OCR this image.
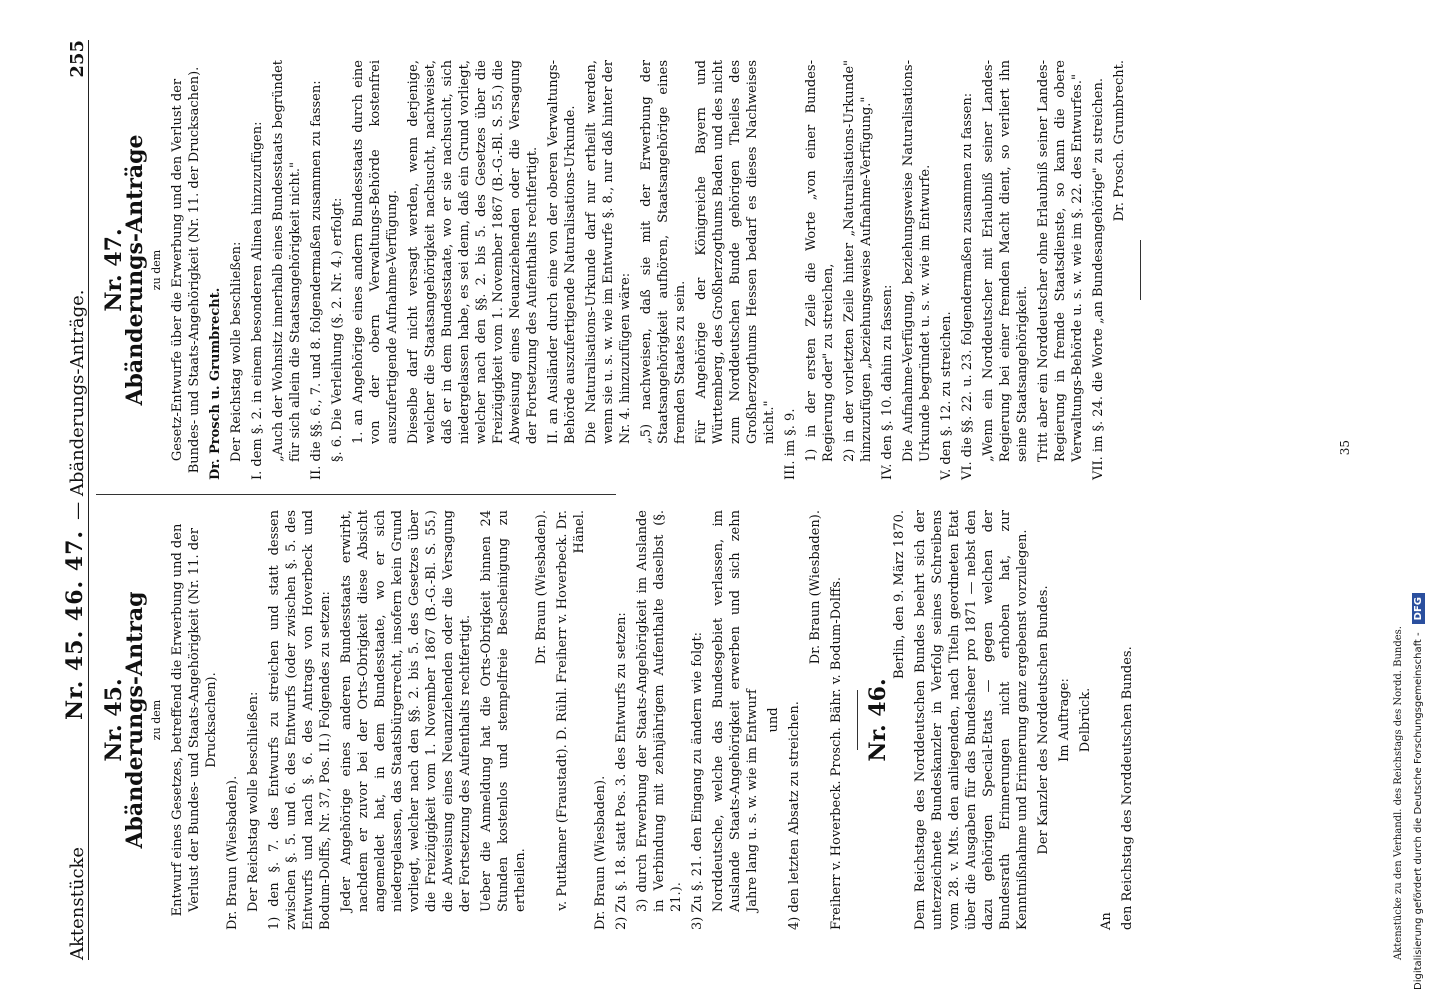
Aktenstücke
Nr. 45. 46. 47.
— Abänderungs-Anträge.
255
Nr. 45.
Abänderungs-Antrag zu dem Entwurf eines Gesetzes, betreffend die Erwerbung und den Verlust der Bundes- und Staats-Angehörigkeit (Nr. 11. der Drucksachen).
Dr. Braun (Wiesbaden). Der Reichstag wolle beschließen: 1) den §. 7. des Entwurfs zu streichen und statt dessen zwischen §. 5. und 6. des Entwurfs (oder zwischen §. 5. des Entwurfs und nach §. 6. des Antrags von Hoverbeck und Bodum-Dolffs, Nr. 37, Pos. II.) Folgendes zu setzen: Jeder Angehörige eines anderen Bundesstaats erwirbt, nachdem er zuvor bei der Orts-Obrigkeit diese Absicht angemeldet hat, in dem Bundesstaate, wo er sich niedergelassen, das Staatsbürgerrecht, insofern kein Grund vorliegt, welcher nach den §§. 2. bis 5. des Gesetzes über die Freizügigkeit vom 1. November 1867 (B.-G.-Bl. S. 55.) die Abweisung eines Neuanziehenden oder die Versagung der Fortsetzung des Aufenthalts rechtfertigt. Ueber die Anmeldung hat die Orts-Obrigkeit binnen 24 Stunden kostenlos und stempelfreie Bescheinigung zu ertheilen.
Dr. Braun (Wiesbaden). v. Puttkamer (Fraustadt). D. Rühl. Freiherr v. Hoverbeck. Dr. Hänel.
Dr. Braun (Wiesbaden). 2) Zu §. 18. statt Pos. 3. des Entwurfs zu setzen: 3) durch Erwerbung der Staats-Angehörigkeit im Auslande in Verbindung mit zehnjährigem Aufenthalte daselbst (§. 21.). 3) Zu §. 21. den Eingang zu ändern wie folgt: Norddeutsche, welche das Bundesgebiet verlassen, im Auslande Staats-Angehörigkeit erwerben und sich zehn Jahre lang u. s. w. wie im Entwurf und 4) den letzten Absatz zu streichen.
Dr. Braun (Wiesbaden). Freiherr v. Hoverbeck. Prosch. Bähr. v. Bodum-Dolffs. Nr. 46.
Berlin, den 9. März 1870. Dem Reichstage des Norddeutschen Bundes beehrt sich der unterzeichnete Bundeskanzler in Verfolg seines Schreibens vom 28. v. Mts. den anliegenden, nach Titeln geordneten Etat über die Ausgaben für das Bundesheer pro 1871 — nebst den dazu gehörigen Special-Etats — gegen welchen der Bundesrath Erinnerungen nicht erhoben hat, zur Kenntnißnahme und Erinnerung ganz ergebenst vorzulegen. Der Kanzler des Norddeutschen Bundes. Im Auftrage: Delbrück.
An den Reichstag des Norddeutschen Bundes.
Nr. 47.
Abänderungs-Anträge zu dem Gesetz-Entwurfe über die Erwerbung und den Verlust der Bundes- und Staats-Angehörigkeit (Nr. 11. der Drucksachen). Dr. Prosch u. Grumbrecht. Der Reichstag wolle beschließen: I. dem §. 2. in einem besonderen Alinea hinzuzufügen: „Auch der Wohnsitz innerhalb eines Bundesstaats begründet für sich allein die Staatsangehörigkeit nicht." II. die §§. 6., 7. und 8. folgendermaßen zusammen zu fassen: §. 6. Die Verleihung (§. 2. Nr. 4.) erfolgt: 1. an Angehörige eines andern Bundesstaats durch eine von der obern Verwaltungs-Behörde kostenfrei auszufertigende Aufnahme-Verfügung. Dieselbe darf nicht versagt werden, wenn derjenige, welcher die Staatsangehörigkeit nachsucht, nachweiset, daß er in dem Bundesstaate, wo er sie nachsucht, sich niedergelassen habe, es sei denn, daß ein Grund vorliegt, welcher nach den §§. 2. bis 5. des Gesetzes über die Freizügigkeit vom 1. November 1867 (B.-G.-Bl. S. 55.) die Abweisung eines Neuanziehenden oder die Versagung der Fortsetzung des Aufenthalts rechtfertigt. II. an Ausländer durch eine von der oberen Verwaltungs-Behörde auszufertigende Naturalisations-Urkunde. Die Naturalisations-Urkunde darf nur ertheilt werden, wenn sie u. s. w. wie im Entwurfe §. 8., nur daß hinter der Nr. 4. hinzuzufügen wäre: „5) nachweisen, daß sie mit der Erwerbung der Staatsangehörigkeit aufhören, Staatsangehörige eines fremden Staates zu sein. Für Angehörige der Königreiche Bayern und Württemberg, des Großherzogthums Baden und des nicht zum Norddeutschen Bunde gehörigen Theiles des Großherzogthums Hessen bedarf es dieses Nachweises nicht." III. im §. 9. 1) in der ersten Zeile die Worte „von einer Bundes-Regierung oder" zu streichen, 2) in der vorletzten Zeile hinter „Naturalisations-Urkunde" hinzuzufügen „beziehungsweise Aufnahme-Verfügung." IV. den §. 10. dahin zu fassen: Die Aufnahme-Verfügung, beziehungsweise Naturalisations-Urkunde begründet u. s. w. wie im Entwurfe. V. den §. 12. zu streichen. VI. die §§. 22. u. 23. folgendermaßen zusammen zu fassen: „Wenn ein Norddeutscher mit Erlaubniß seiner Landes-Regierung bei einer fremden Macht dient, so verliert ihn seine Staatsangehörigkeit. Tritt aber ein Norddeutscher ohne Erlaubniß seiner Landes-Regierung in fremde Staatsdienste, so kann die obere Verwaltungs-Behörde u. s. w. wie im §. 22. des Entwurfes." VII. im §. 24. die Worte „an Bundesangehörige" zu streichen. Dr. Prosch. Grumbrecht.
35
Aktenstücke zu den Verhandl. des Reichstags des Nordd. Bundes. Digitalisierung gefördert durch die Deutsche Forschungsgemeinschaft -
DFG
